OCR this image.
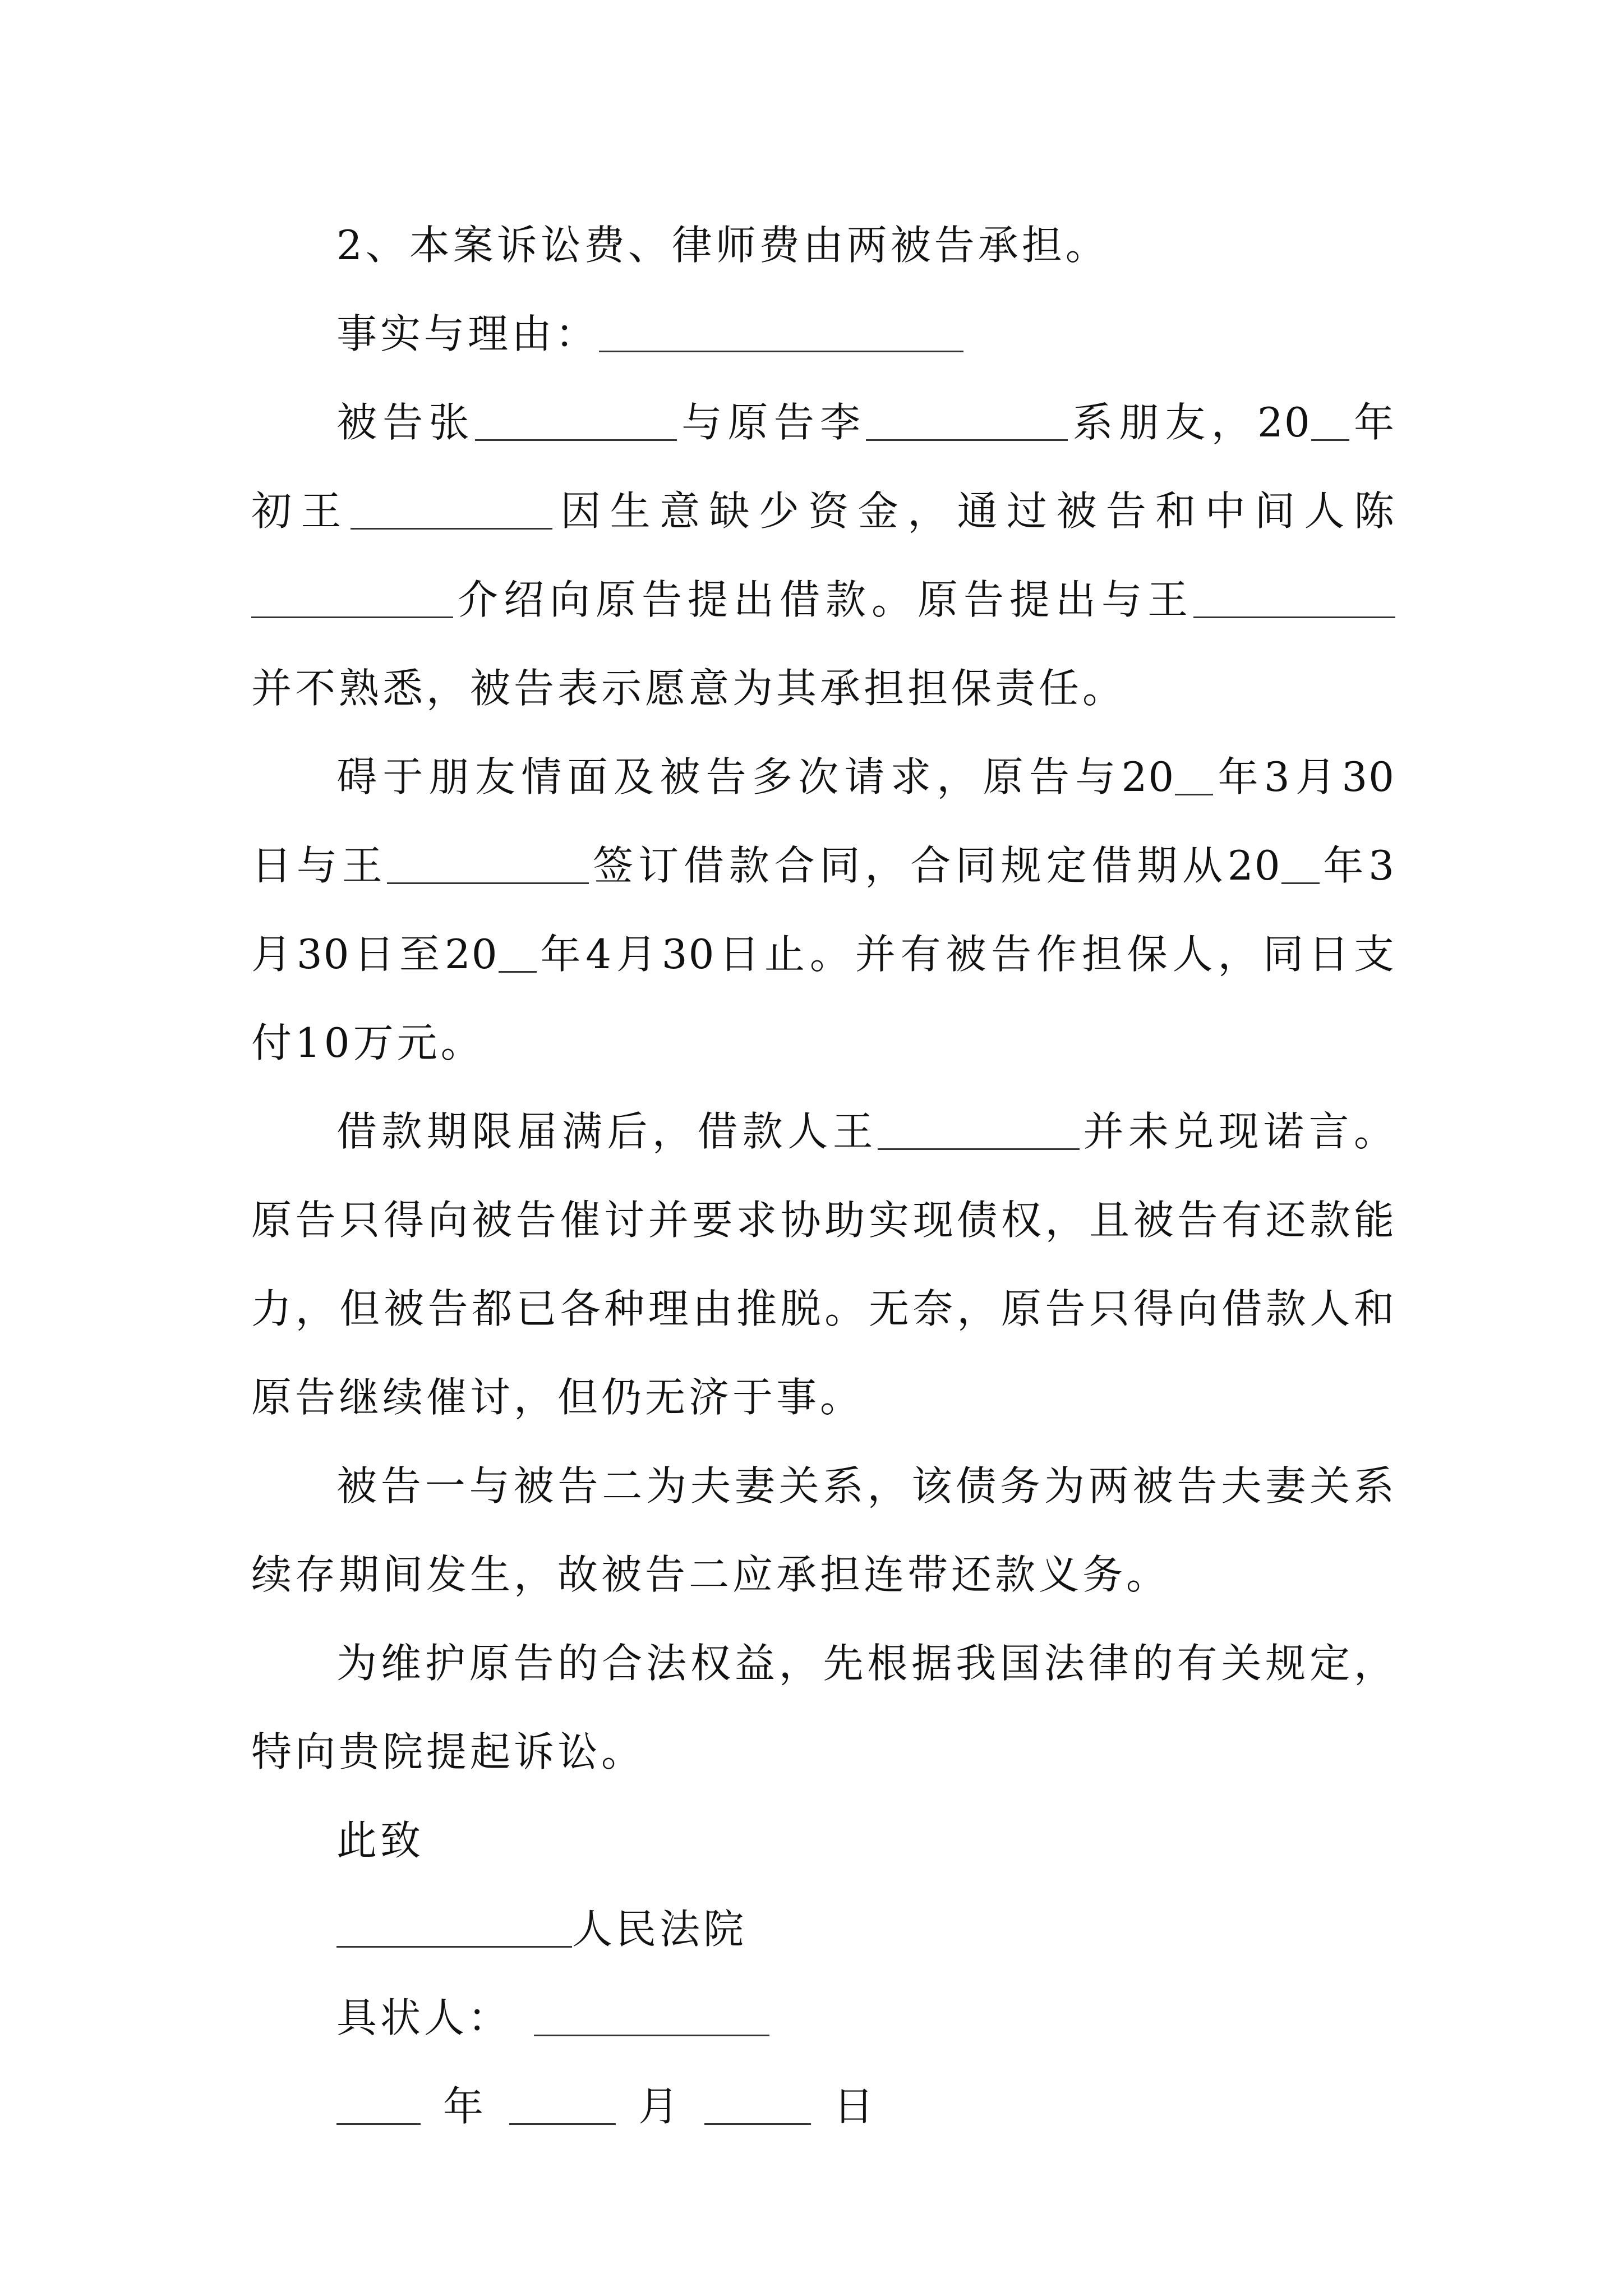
2、本案诉讼费、律师费由两被告承担。
事实与理由：
被告张	与原告李	系朋友，20 年
初王	因生意缺少资金，通过被告和中间人陈
介绍向原告提出借款。原告提出与王
并不熟悉，被告表示愿意为其承担担保责任。
碍于朋友情面及被告多次请求，原告与20 年3月30
日与王	签订借款合同，合同规定借期从20 年3
月30日至20 年4月30日止。并有被告作担保人，同日支
付10万元。
借款期限届满后，借款人王	并未兑现诺言。
原告只得向被告催讨并要求协助实现债权，且被告有还款能
力，但被告都已各种理由推脱。无奈，原告只得向借款人和
原告继续催讨，但仍无济于事。
被告一与被告二为夫妻关系，该债务为两被告夫妻关系
续存期间发生，故被告二应承担连带还款义务。
为维护原告的合法权益，先根据我国法律的有关规定，
特向贵院提起诉讼。
此致
人民法院
具状人：
年	月	日
